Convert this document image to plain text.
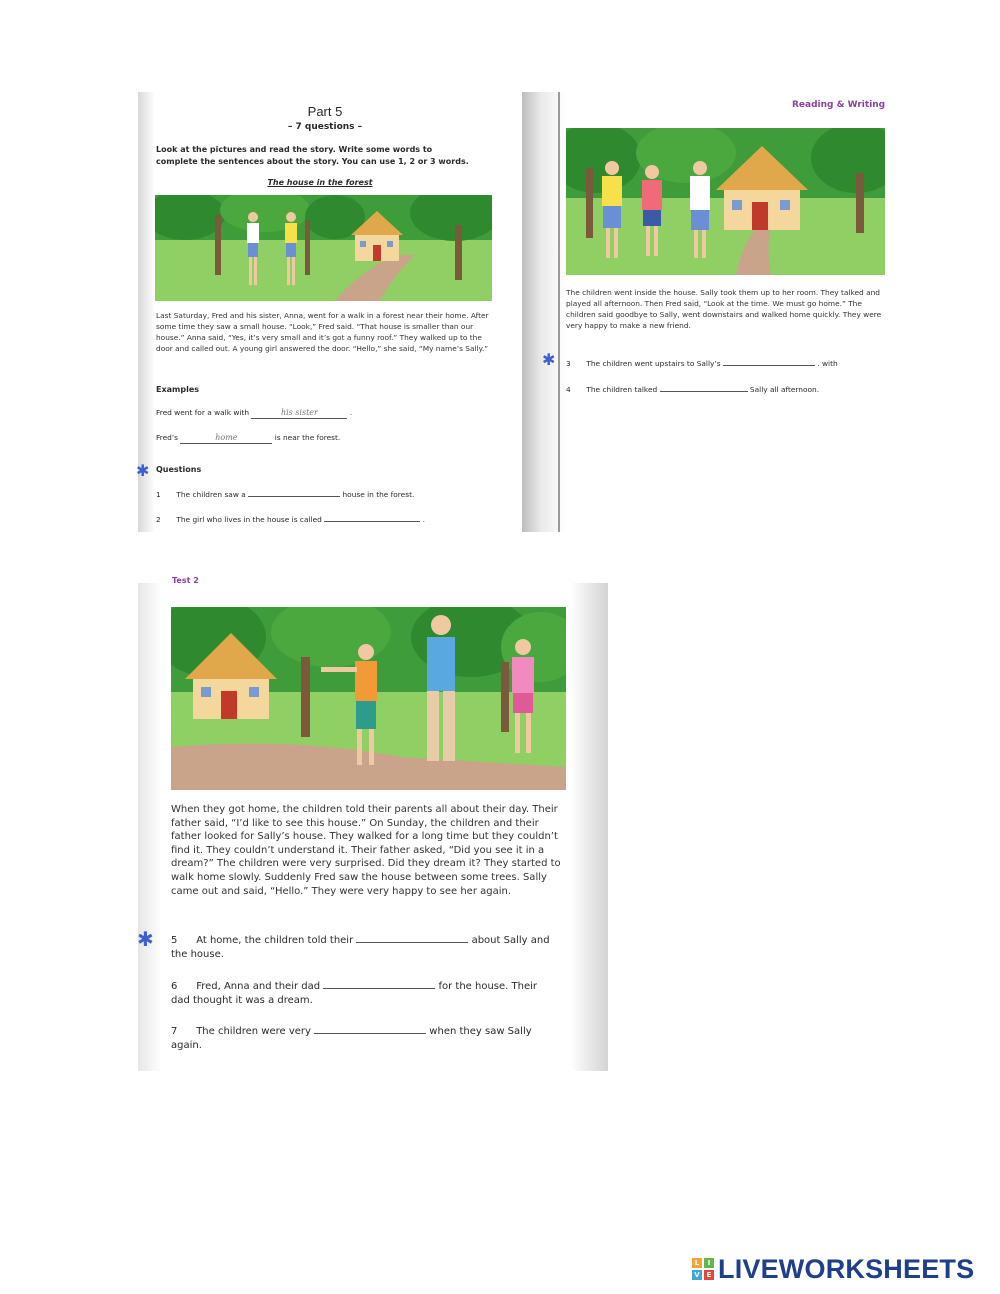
Part 5
– 7 questions –
Look at the pictures and read the story. Write some words to complete the sentences about the story. You can use 1, 2 or 3 words.
The house in the forest
Last Saturday, Fred and his sister, Anna, went for a walk in a forest near their home. After some time they saw a small house. “Look,” Fred said. “That house is smaller than our house.” Anna said, “Yes, it’s very small and it’s got a funny roof.” They walked up to the door and called out. A young girl answered the door. “Hello,” she said, “My name’s Sally.”
Examples
Fred went for a walk with	his sister	.
Fred’s	home	is near the forest.
✱ Questions
1 The children saw a	house in the forest.
2 The girl who lives in the house is called	.
Reading & Writing
The children went inside the house. Sally took them up to her room. They talked and played all afternoon. Then Fred said, “Look at the time. We must go home.” The children said goodbye to Sally, went downstairs and walked home quickly. They were very happy to make a new friend.
✱ 3 The children went upstairs to Sally’s	. with
4 The children talked	Sally all afternoon.
Test 2
When they got home, the children told their parents all about their day. Their father said, “I’d like to see this house.” On Sunday, the children and their father looked for Sally’s house. They walked for a long time but they couldn’t find it. They couldn’t understand it. Their father asked, “Did you see it in a dream?” The children were very surprised. Did they dream it? They started to walk home slowly. Suddenly Fred saw the house between some trees. Sally came out and said, “Hello.” They were very happy to see her again.
✱ 5 At home, the children told their	about Sally and the house.
6 Fred, Anna and their dad	for the house. Their dad thought it was a dream.
7 The children were very	when they saw Sally again.
L	I
V E LIVEWORKSHEETS
